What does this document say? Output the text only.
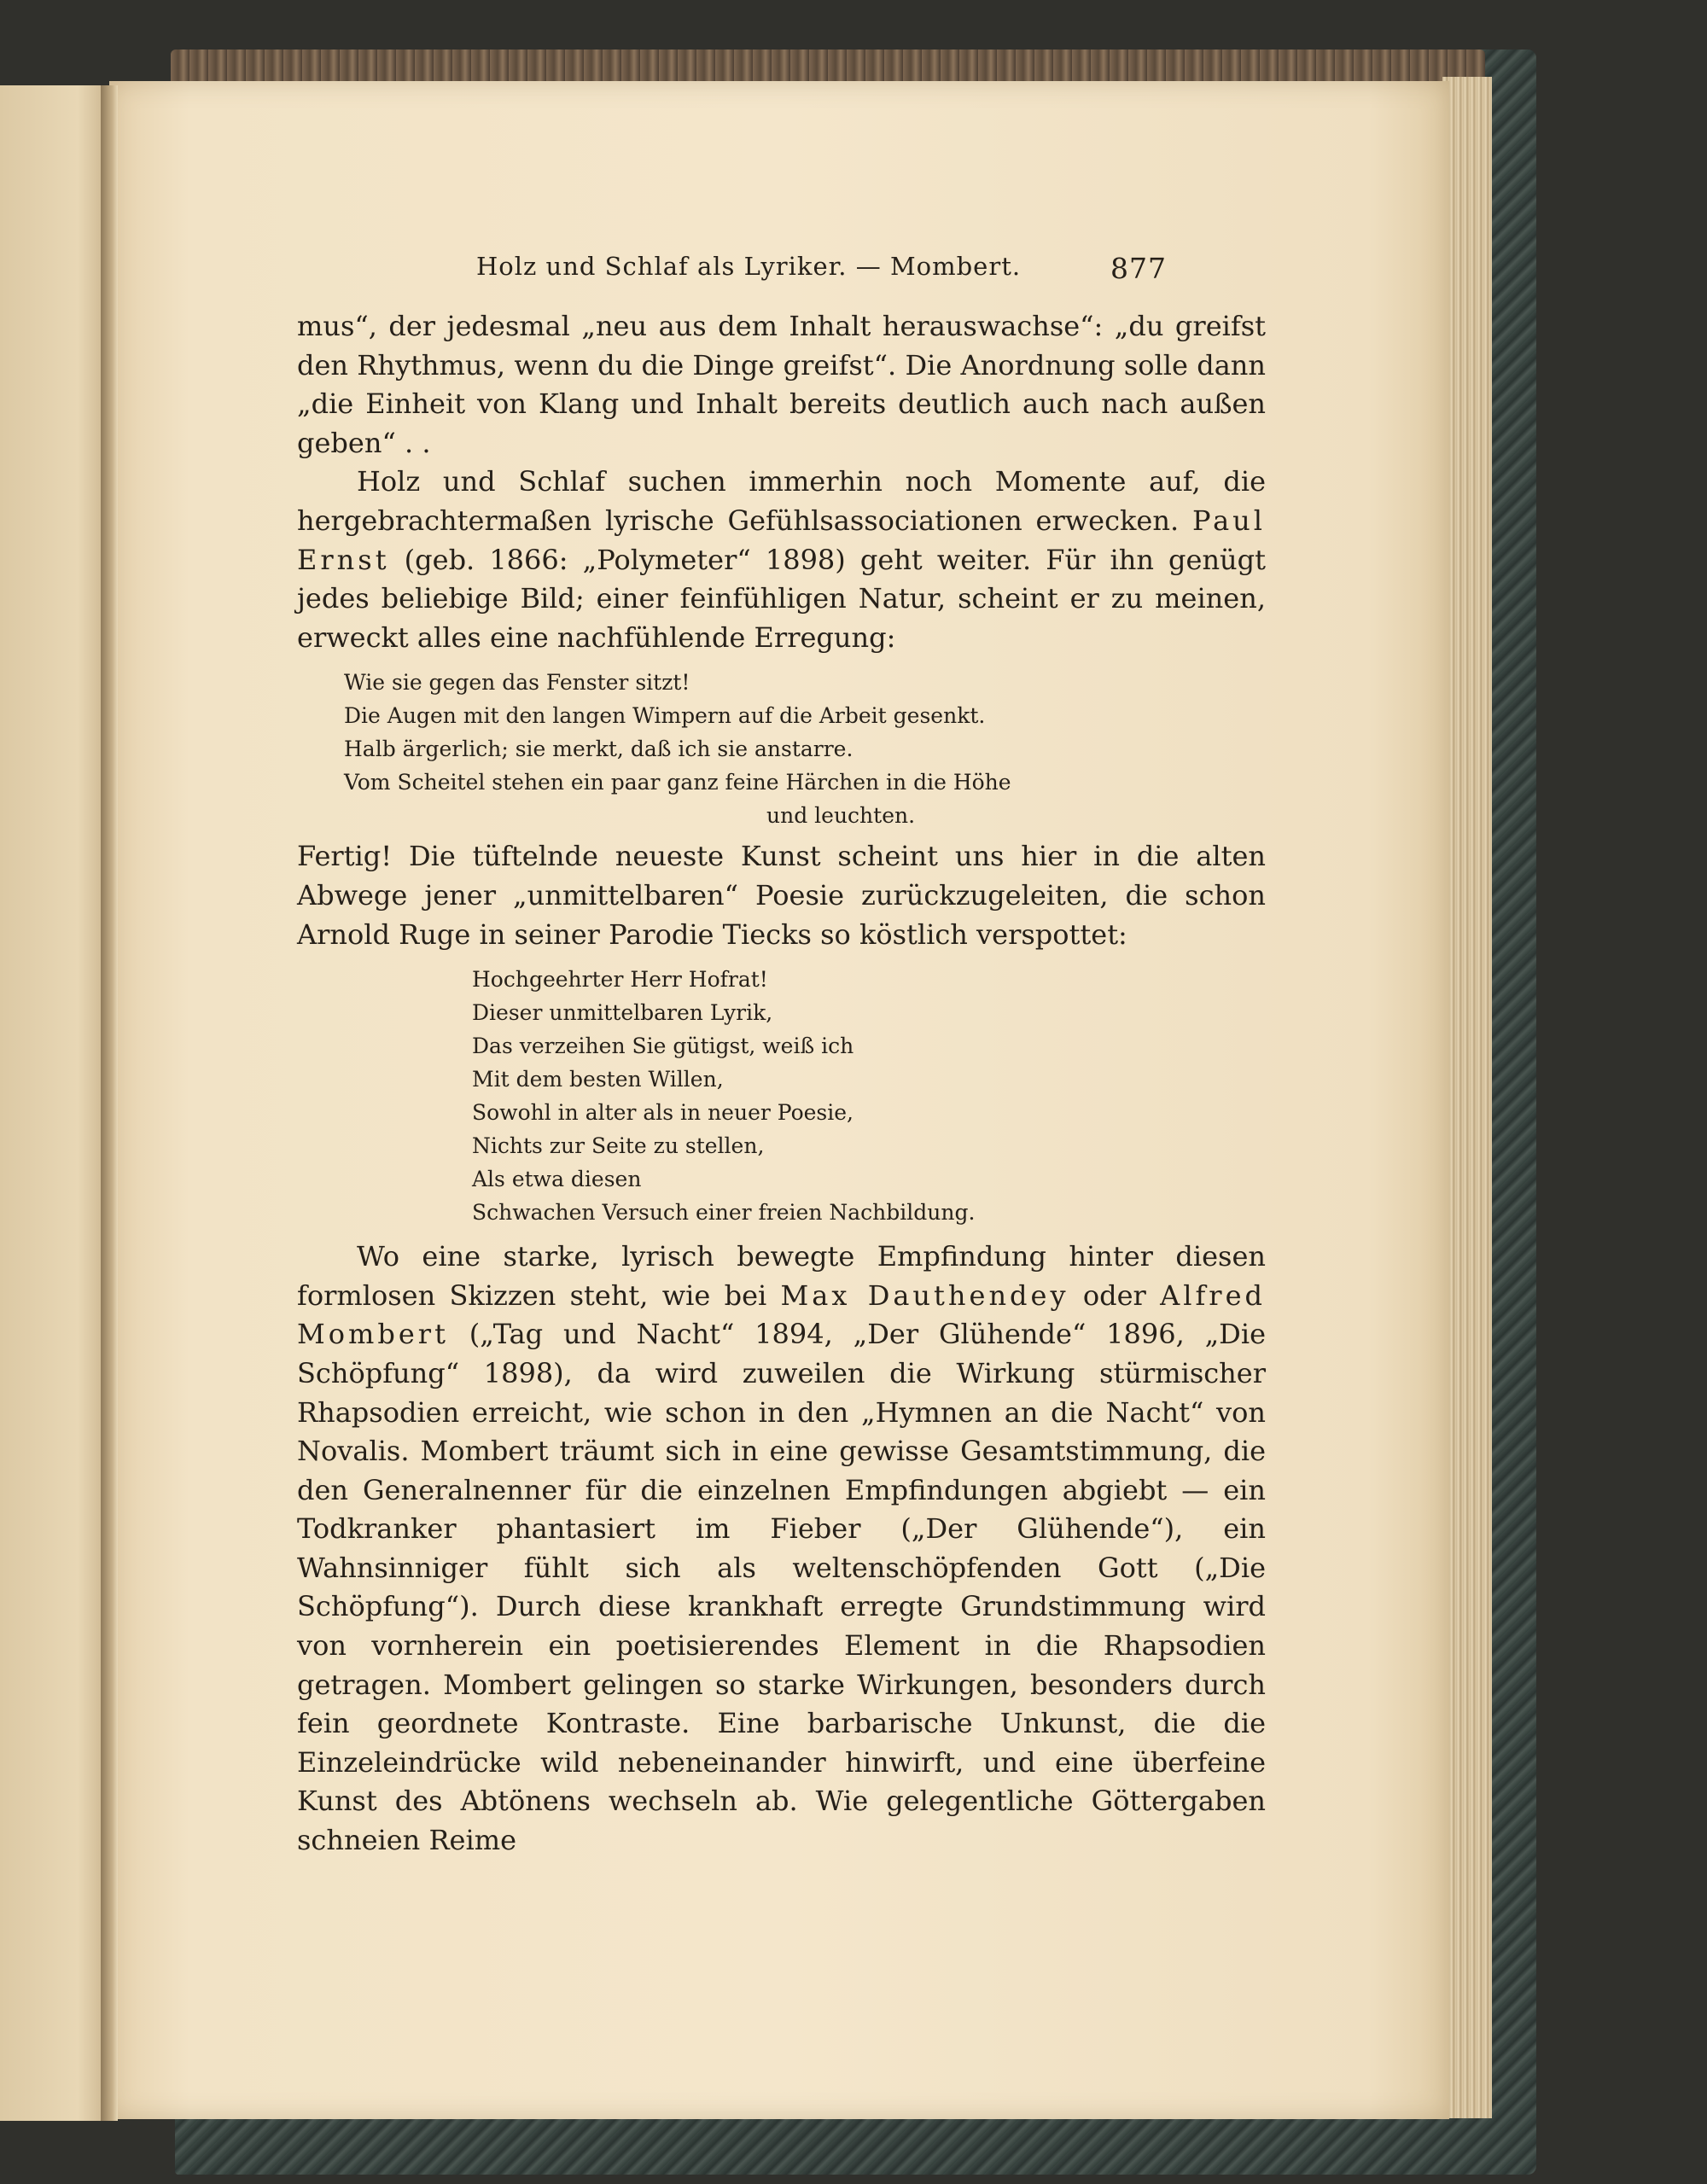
Holz und Schlaf als Lyriker. — Mombert.	877

mus“, der jedesmal „neu aus dem Inhalt herauswachse“: „du greifst den Rhythmus, wenn du die Dinge greifst“. Die Anordnung solle dann „die Einheit von Klang und Inhalt bereits deutlich auch nach außen geben“ . .

Holz und Schlaf suchen immerhin noch Momente auf, die hergebrachtermaßen lyrische Gefühlsassociationen erwecken. Paul Ernst (geb. 1866: „Polymeter“ 1898) geht weiter. Für ihn genügt jedes beliebige Bild; einer feinfühligen Natur, scheint er zu meinen, erweckt alles eine nachfühlende Erregung:

Wie sie gegen das Fenster sitzt!
Die Augen mit den langen Wimpern auf die Arbeit gesenkt.
Halb ärgerlich; sie merkt, daß ich sie anstarre.
Vom Scheitel stehen ein paar ganz feine Härchen in die Höhe
und leuchten.

Fertig! Die tüftelnde neueste Kunst scheint uns hier in die alten Abwege jener „unmittelbaren“ Poesie zurückzugeleiten, die schon Arnold Ruge in seiner Parodie Tiecks so köstlich verspottet:

Hochgeehrter Herr Hofrat!
Dieser unmittelbaren Lyrik,
Das verzeihen Sie gütigst, weiß ich
Mit dem besten Willen,
Sowohl in alter als in neuer Poesie,
Nichts zur Seite zu stellen,
Als etwa diesen
Schwachen Versuch einer freien Nachbildung.

Wo eine starke, lyrisch bewegte Empfindung hinter diesen formlosen Skizzen steht, wie bei Max Dauthendey oder Alfred Mombert („Tag und Nacht“ 1894, „Der Glühende“ 1896, „Die Schöpfung“ 1898), da wird zuweilen die Wirkung stürmischer Rhapsodien erreicht, wie schon in den „Hymnen an die Nacht“ von Novalis. Mombert träumt sich in eine gewisse Gesamtstimmung, die den Generalnenner für die einzelnen Empfindungen abgiebt — ein Todkranker phantasiert im Fieber („Der Glühende“), ein Wahnsinniger fühlt sich als weltenschöpfenden Gott („Die Schöpfung“). Durch diese krankhaft erregte Grundstimmung wird von vornherein ein poetisierendes Element in die Rhapsodien getragen. Mombert gelingen so starke Wirkungen, besonders durch fein geordnete Kontraste. Eine barbarische Unkunst, die die Einzeleindrücke wild nebeneinander hinwirft, und eine überfeine Kunst des Abtönens wechseln ab. Wie gelegentliche Göttergaben schneien Reime
